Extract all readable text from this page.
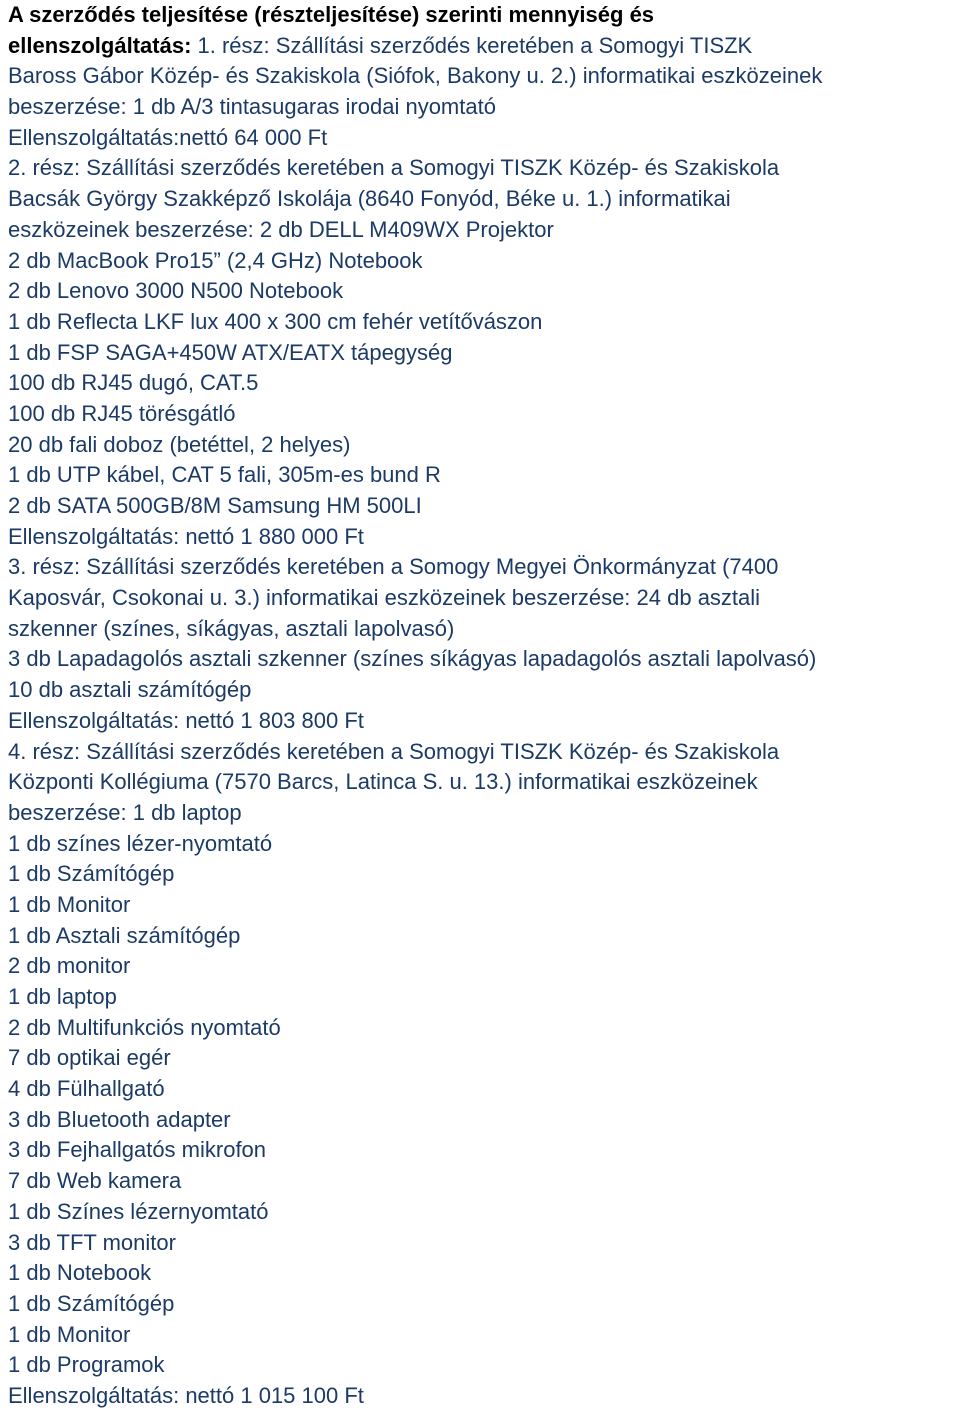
A szerződés teljesítése (részteljesítése) szerinti mennyiség és
ellenszolgáltatás: 1. rész: Szállítási szerződés keretében a Somogyi TISZK
Baross Gábor Közép- és Szakiskola (Siófok, Bakony u. 2.) informatikai eszközeinek
beszerzése: 1 db A/3 tintasugaras irodai nyomtató
Ellenszolgáltatás:nettó 64 000 Ft
2. rész: Szállítási szerződés keretében a Somogyi TISZK Közép- és Szakiskola
Bacsák György Szakképző Iskolája (8640 Fonyód, Béke u. 1.) informatikai
eszközeinek beszerzése: 2 db DELL M409WX Projektor
2 db MacBook Pro15” (2,4 GHz) Notebook
2 db Lenovo 3000 N500 Notebook
1 db Reflecta LKF lux 400 x 300 cm fehér vetítővászon
1 db FSP SAGA+450W ATX/EATX tápegység
100 db RJ45 dugó, CAT.5
100 db RJ45 törésgátló
20 db fali doboz (betéttel, 2 helyes)
1 db UTP kábel, CAT 5 fali, 305m-es bund R
2 db SATA 500GB/8M Samsung HM 500LI
Ellenszolgáltatás: nettó 1 880 000 Ft
3. rész: Szállítási szerződés keretében a Somogy Megyei Önkormányzat (7400
Kaposvár, Csokonai u. 3.) informatikai eszközeinek beszerzése: 24 db asztali
szkenner (színes, síkágyas, asztali lapolvasó)
3 db Lapadagolós asztali szkenner (színes síkágyas lapadagolós asztali lapolvasó)
10 db asztali számítógép
Ellenszolgáltatás: nettó 1 803 800 Ft
4. rész: Szállítási szerződés keretében a Somogyi TISZK Közép- és Szakiskola
Központi Kollégiuma (7570 Barcs, Latinca S. u. 13.) informatikai eszközeinek
beszerzése: 1 db laptop
1 db színes lézer-nyomtató
1 db Számítógép
1 db Monitor
1 db Asztali számítógép
2 db monitor
1 db laptop
2 db Multifunkciós nyomtató
7 db optikai egér
4 db Fülhallgató
3 db Bluetooth adapter
3 db Fejhallgatós mikrofon
7 db Web kamera
1 db Színes lézernyomtató
3 db TFT monitor
1 db Notebook
1 db Számítógép
1 db Monitor
1 db Programok
Ellenszolgáltatás: nettó 1 015 100 Ft
